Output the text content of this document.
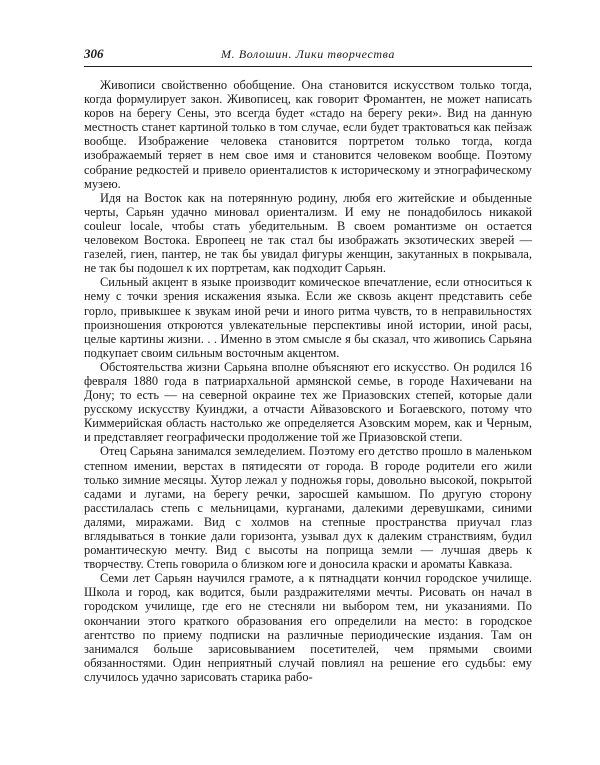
306	М. Волошин. Лики творчества

Живописи свойственно обобщение. Она становится искусством только тогда, когда формулирует закон. Живописец, как говорит Фромантен, не может написать коров на берегу Сены, это всегда будет «стадо на берегу реки». Вид на данную местность станет картиной только в том случае, если будет трактоваться как пейзаж вообще. Изображение человека становится портретом только тогда, когда изображаемый теряет в нем свое имя и становится человеком вообще. Поэтому собрание редкостей и привело ориенталистов к историческому и этнографическому музею.

Идя на Восток как на потерянную родину, любя его житейские и обыденные черты, Сарьян удачно миновал ориентализм. И ему не понадобилось никакой couleur locale, чтобы стать убедительным. В своем романтизме он остается человеком Востока. Европеец не так стал бы изображать экзотических зверей — газелей, гиен, пантер, не так бы увидал фигуры женщин, закутанных в покрывала, не так бы подошел к их портретам, как подходит Сарьян.

Сильный акцент в языке производит комическое впечатление, если относиться к нему с точки зрения искажения языка. Если же сквозь акцент представить себе горло, привыкшее к звукам иной речи и иного ритма чувств, то в неправильностях произношения откроются увлекательные перспективы иной истории, иной расы, целые картины жизни. . . Именно в этом смысле я бы сказал, что живопись Сарьяна подкупает своим сильным восточным акцентом.

Обстоятельства жизни Сарьяна вполне объясняют его искусство. Он родился 16 февраля 1880 года в патриархальной армянской семье, в городе Нахичевани на Дону; то есть — на северной окраине тех же Приазовских степей, которые дали русскому искусству Куинджи, а отчасти Айвазовского и Богаевского, потому что Киммерийская область настолько же определяется Азовским морем, как и Черным, и представляет географически продолжение той же Приазовской степи.

Отец Сарьяна занимался земледелием. Поэтому его детство прошло в маленьком степном имении, верстах в пятидесяти от города. В городе родители его жили только зимние месяцы. Хутор лежал у подножья горы, довольно высокой, покрытой садами и лугами, на берегу речки, заросшей камышом. По другую сторону расстилалась степь с мельницами, курганами, далекими деревушками, синими далями, миражами. Вид с холмов на степные пространства приучал глаз вглядываться в тонкие дали горизонта, узывал дух к далеким странствиям, будил романтическую мечту. Вид с высоты на поприща земли — лучшая дверь к творчеству. Степь говорила о близком юге и доносила краски и ароматы Кавказа.

Семи лет Сарьян научился грамоте, а к пятнадцати кончил городское училище. Школа и город, как водится, были раздражителями мечты. Рисовать он начал в городском училище, где его не стесняли ни выбором тем, ни указаниями. По окончании этого краткого образования его определили на место: в городское агентство по приему подписки на различные периодические издания. Там он занимался больше зарисовыванием посетителей, чем прямыми своими обязанностями. Один неприятный случай повлиял на решение его судьбы: ему случилось удачно зарисовать старика рабо-
